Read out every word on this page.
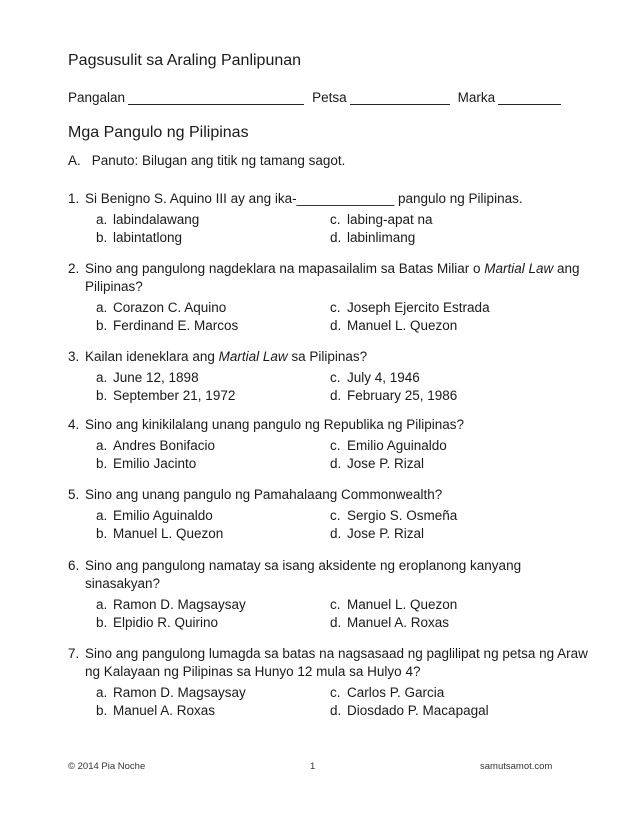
Pagsusulit sa Araling Panlipunan
Pangalan	Petsa	Marka
Mga Pangulo ng Pilipinas
A. Panuto: Bilugan ang titik ng tamang sagot.
1. Si Benigno S. Aquino III ay ang ika-_____________ pangulo ng Pilipinas.
a. labindalawang
b. labintatlong
c. labing-apat na
d. labinlimang
2. Sino ang pangulong nagdeklara na mapasailalim sa Batas Miliar o Martial Law ang Pilipinas?
a. Corazon C. Aquino
b. Ferdinand E. Marcos
c. Joseph Ejercito Estrada
d. Manuel L. Quezon
3. Kailan ideneklara ang Martial Law sa Pilipinas?
a. June 12, 1898
b. September 21, 1972
c. July 4, 1946
d. February 25, 1986
4. Sino ang kinikilalang unang pangulo ng Republika ng Pilipinas?
a. Andres Bonifacio
b. Emilio Jacinto
c. Emilio Aguinaldo
d. Jose P. Rizal
5. Sino ang unang pangulo ng Pamahalaang Commonwealth?
a. Emilio Aguinaldo
b. Manuel L. Quezon
c. Sergio S. Osmeña
d. Jose P. Rizal
6. Sino ang pangulong namatay sa isang aksidente ng eroplanong kanyang sinasakyan?
a. Ramon D. Magsaysay
b. Elpidio R. Quirino
c. Manuel L. Quezon
d. Manuel A. Roxas
7. Sino ang pangulong lumagda sa batas na nagsasaad ng paglilipat ng petsa ng Araw ng Kalayaan ng Pilipinas sa Hunyo 12 mula sa Hulyo 4?
a. Ramon D. Magsaysay
b. Manuel A. Roxas
c. Carlos P. Garcia
d. Diosdado P. Macapagal
© 2014 Pia Noche	1	samutsamot.com
